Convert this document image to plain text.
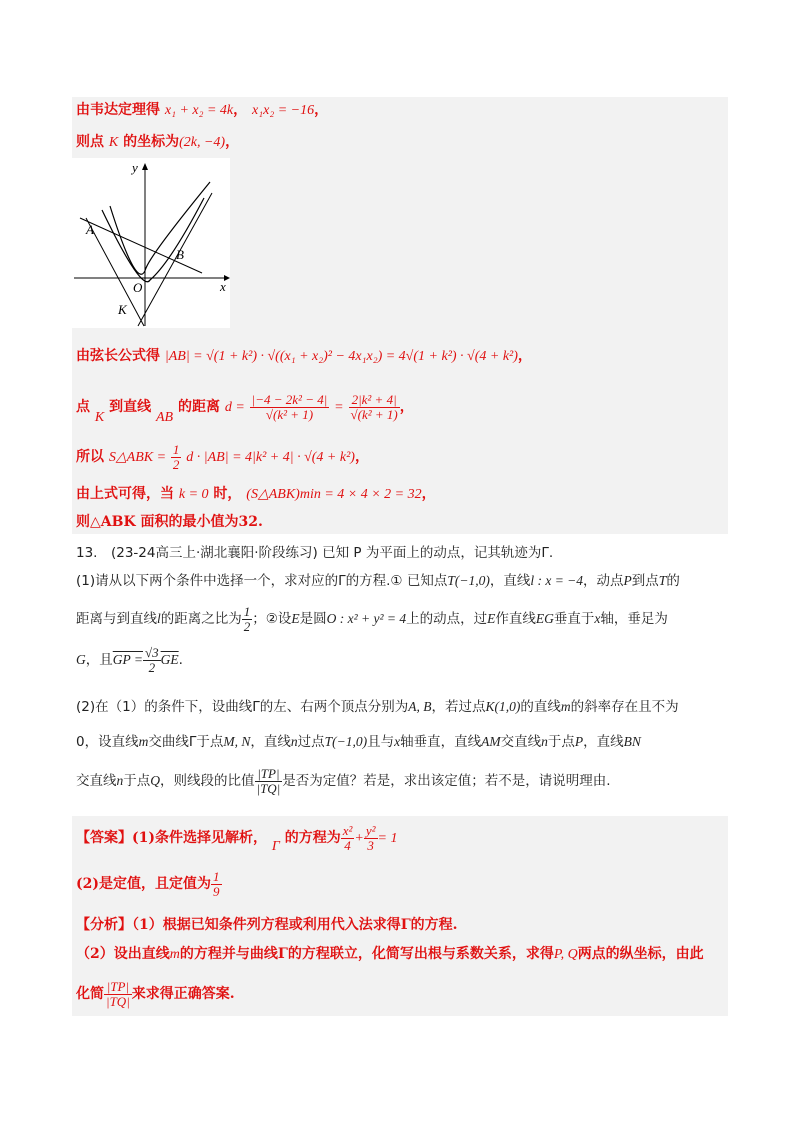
由韦达定理得 x₁ + x₂ = 4k， x₁x₂ = −16，
则点 K 的坐标为(2k, −4)，
y
x
A
B
O
K
由弦长公式得 |AB| = √(1 + k²) · √((x₁ + x₂)² − 4x₁x₂) = 4√(1 + k²) · √(4 + k²)，
点 K 到直线 AB 的距离 $d = \frac{\text{|−4 − 2k² − 4|}}{\text{√(k² + 1)}} = \frac{\text{2|k² + 4|}}{\text{√(k² + 1)}}$ ，
所以 S△ABK = $\frac{1}{2}$ d · |AB| = 4|k² + 4| · √(4 + k²)，
由上式可得，当 k = 0 时， (S△ABK)min = 4 × 4 × 2 = 32，
则△ABK 面积的最小值为32.
13.　(23-24高三上·湖北襄阳·阶段练习) 已知 P 为平面上的动点，记其轨迹为Γ.
(1)请从以下两个条件中选择一个，求对应的Γ的方程.① 已知点T(−1,0)，直线l : x = −4，动点P到点T的
距离与到直线l的距离之比为 $\frac{1}{2}$ ；②设E是圆O : x² + y² = 4上的动点，过E作直线EG垂直于x轴，垂足为
G，且GP = $\frac{√3}{2} \overline{GE}$.
(2)在（1）的条件下，设曲线Γ的左、右两个顶点分别为A, B，若过点K(1,0)的直线m的斜率存在且不为
0，设直线m交曲线Γ于点M, N，直线n过点T(−1,0)且与x轴垂直，直线AM交直线n于点P，直线BN
交直线n于点Q，则线段的比值 $\frac{|TP|}{|TQ|}$ 是否为定值？若是，求出该定值；若不是，请说明理由.
【答案】(1)条件选择见解析， Γ 的方程为 $\frac{\text{x²}}{4} + \frac{\text{y²}}{3} = 1$
(2)是定值，且定值为 $\frac{1}{9}$
【分析】（1）根据已知条件列方程或利用代入法求得Γ的方程.
（2）设出直线m的方程并与曲线Γ的方程联立，化简写出根与系数关系，求得P, Q两点的纵坐标，由此
化简 $\frac{|TP|}{|TQ|}$ 来求得正确答案.
